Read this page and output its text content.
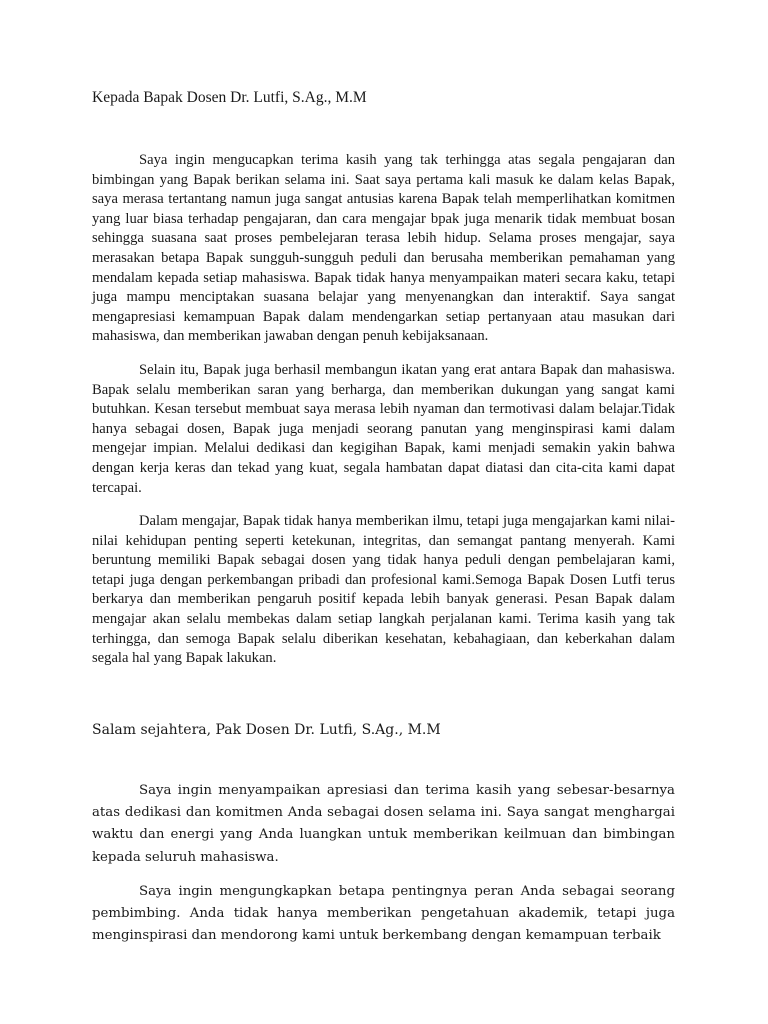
Kepada Bapak Dosen Dr. Lutfi, S.Ag., M.M

Saya ingin mengucapkan terima kasih yang tak terhingga atas segala pengajaran dan bimbingan yang Bapak berikan selama ini. Saat saya pertama kali masuk ke dalam kelas Bapak, saya merasa tertantang namun juga sangat antusias karena Bapak telah memperlihatkan komitmen yang luar biasa terhadap pengajaran, dan cara mengajar bpak juga menarik tidak membuat bosan sehingga suasana saat proses pembelejaran terasa lebih hidup. Selama proses mengajar, saya merasakan betapa Bapak sungguh-sungguh peduli dan berusaha memberikan pemahaman yang mendalam kepada setiap mahasiswa. Bapak tidak hanya menyampaikan materi secara kaku, tetapi juga mampu menciptakan suasana belajar yang menyenangkan dan interaktif. Saya sangat mengapresiasi kemampuan Bapak dalam mendengarkan setiap pertanyaan atau masukan dari mahasiswa, dan memberikan jawaban dengan penuh kebijaksanaan.

Selain itu, Bapak juga berhasil membangun ikatan yang erat antara Bapak dan mahasiswa. Bapak selalu memberikan saran yang berharga, dan memberikan dukungan yang sangat kami butuhkan. Kesan tersebut membuat saya merasa lebih nyaman dan termotivasi dalam belajar.Tidak hanya sebagai dosen, Bapak juga menjadi seorang panutan yang menginspirasi kami dalam mengejar impian. Melalui dedikasi dan kegigihan Bapak, kami menjadi semakin yakin bahwa dengan kerja keras dan tekad yang kuat, segala hambatan dapat diatasi dan cita-cita kami dapat tercapai.

Dalam mengajar, Bapak tidak hanya memberikan ilmu, tetapi juga mengajarkan kami nilai-nilai kehidupan penting seperti ketekunan, integritas, dan semangat pantang menyerah. Kami beruntung memiliki Bapak sebagai dosen yang tidak hanya peduli dengan pembelajaran kami, tetapi juga dengan perkembangan pribadi dan profesional kami.Semoga Bapak Dosen Lutfi terus berkarya dan memberikan pengaruh positif kepada lebih banyak generasi. Pesan Bapak dalam mengajar akan selalu membekas dalam setiap langkah perjalanan kami. Terima kasih yang tak terhingga, dan semoga Bapak selalu diberikan kesehatan, kebahagiaan, dan keberkahan dalam segala hal yang Bapak lakukan.

Salam sejahtera, Pak Dosen Dr. Lutfi, S.Ag., M.M

Saya ingin menyampaikan apresiasi dan terima kasih yang sebesar-besarnya atas dedikasi dan komitmen Anda sebagai dosen selama ini. Saya sangat menghargai waktu dan energi yang Anda luangkan untuk memberikan keilmuan dan bimbingan kepada seluruh mahasiswa.

Saya ingin mengungkapkan betapa pentingnya peran Anda sebagai seorang pembimbing. Anda tidak hanya memberikan pengetahuan akademik, tetapi juga menginspirasi dan mendorong kami untuk berkembang dengan kemampuan terbaik
